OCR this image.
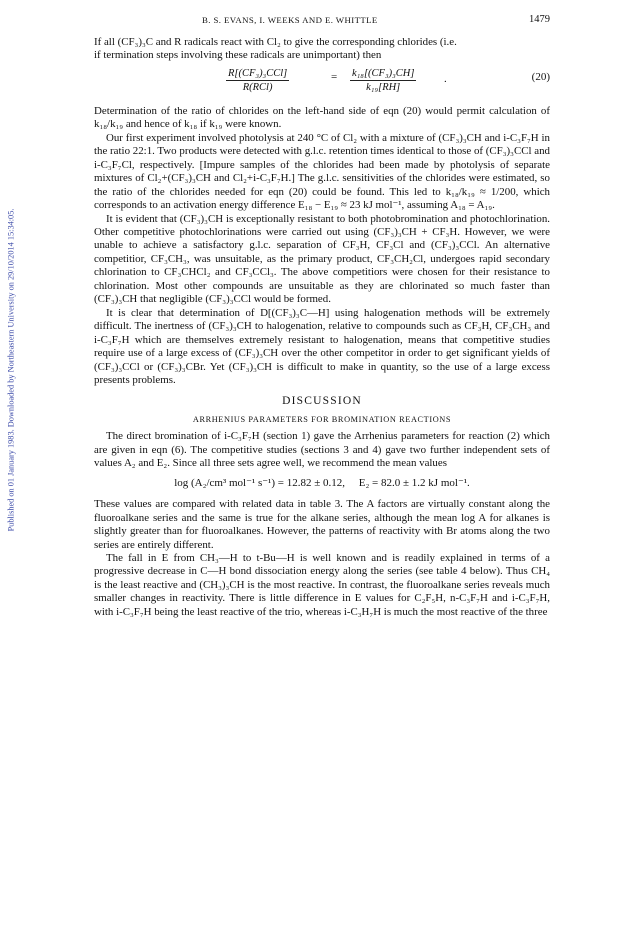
Published on 01 January 1983. Downloaded by Northeastern University on 29/10/2014 15:34:05.
B. S. EVANS, I. WEEKS AND E. WHITTLE	1479

If all (CF₃)₃C and R radicals react with Cl₂ to give the corresponding chlorides (i.e.

if termination steps involving these radicals are unimportant) then

R[(CF₃)₃CCl]
R(RCl)
= $\frac{\text{k₁₈[(CF₃)₃CH]}}{\text{k₁₉[RH]}}$	.	(20)

Determination of the ratio of chlorides on the left-hand side of eqn (20) would permit calculation of k₁₈/k₁₉ and hence of k₁₈ if k₁₉ were known.

Our first experiment involved photolysis at 240 °C of Cl₂ with a mixture of (CF₃)₃CH and i-C₃F₇H in the ratio 22:1. Two products were detected with g.l.c. retention times identical to those of (CF₃)₃CCl and i-C₃F₇Cl, respectively. [Impure samples of the chlorides had been made by photolysis of separate mixtures of Cl₂+(CF₃)₃CH and Cl₂+i-C₃F₇H.] The g.l.c. sensitivities of the chlorides were estimated, so the ratio of the chlorides needed for eqn (20) could be found. This led to k₁₈/k₁₉ ≈ 1/200, which corresponds to an activation energy difference E₁₈ − E₁₉ ≈ 23 kJ mol⁻¹, assuming A₁₈ = A₁₉.

It is evident that (CF₃)₃CH is exceptionally resistant to both photobromination and photochlorination. Other competitive photochlorinations were carried out using (CF₃)₃CH + CF₃H. However, we were unable to achieve a satisfactory g.l.c. separation of CF₃H, CF₃Cl and (CF₃)₃CCl. An alternative competitior, CF₃CH₃, was unsuitable, as the primary product, CF₃CH₂Cl, undergoes rapid secondary chlorination to CF₃CHCl₂ and CF₃CCl₃. The above competitiors were chosen for their resistance to chlorination. Most other compounds are unsuitable as they are chlorinated so much faster than (CF₃)₃CH that negligible (CF₃)₃CCl would be formed.

It is clear that determination of D[(CF₃)₃C—H] using halogenation methods will be extremely difficult. The inertness of (CF₃)₃CH to halogenation, relative to compounds such as CF₃H, CF₃CH₃ and i-C₃F₇H which are themselves extremely resistant to halogenation, means that competitive studies require use of a large excess of (CF₃)₃CH over the other competitor in order to get significant yields of (CF₃)₃CCl or (CF₃)₃CBr. Yet (CF₃)₃CH is difficult to make in quantity, so the use of a large excess presents problems.

DISCUSSION
ARRHENIUS PARAMETERS FOR BROMINATION REACTIONS

The direct bromination of i-C₃F₇H (section 1) gave the Arrhenius parameters for reaction (2) which are given in eqn (6). The competitive studies (sections 3 and 4) gave two further independent sets of values A₂ and E₂. Since all three sets agree well, we recommend the mean values

log (A₂/cm³ mol⁻¹ s⁻¹) = 12.82 ± 0.12, E₂ = 82.0 ± 1.2 kJ mol⁻¹.

These values are compared with related data in table 3. The A factors are virtually constant along the fluoroalkane series and the same is true for the alkane series, although the mean log A for alkanes is slightly greater than for fluoroalkanes. However, the patterns of reactivity with Br atoms along the two series are entirely different.

The fall in E from CH₃—H to t-Bu—H is well known and is readily explained in terms of a progressive decrease in C—H bond dissociation energy along the series (see table 4 below). Thus CH₄ is the least reactive and (CH₃)₃CH is the most reactive. In contrast, the fluoroalkane series reveals much smaller changes in reactivity. There is little difference in E values for C₂F₅H, n-C₃F₇H and i-C₃F₇H, with i-C₃F₇H being the least reactive of the trio, whereas i-C₃H₇H is much the most reactive of the three
